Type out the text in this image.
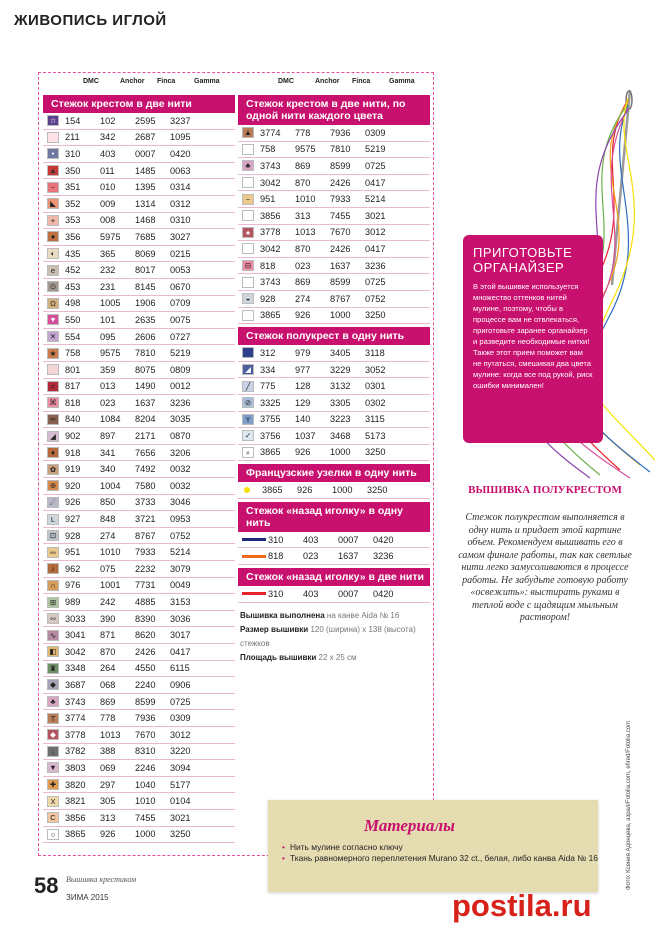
ЖИВОПИСЬ ИГЛОЙ
DMC	Anchor	Finca	Gamma
Стежок крестом в две нити
☆ 154	102	2595	3237
211	342	2687	1095
•	310	403	0007	0420
▲ 350	011	1485	0063
−	351	010	1395	0314
◣ 352	009	1314	0312
+	353	008	1468	0310
●	356	5975	7685	3027
◐	435	365	8069	0215
e	452	232	8017	0053
⊙ 453	231	8145	0670
Ω	498	1005	1906	0709
♥	550	101	2635	0075
✕ 554	095	2606	0727
★ 758	9575	7810	5219
801	359	8075	0809
=	817	013	1490	0012
⌘ 818	023	1637	3236
✂ 840	1084	8204	3035
◢ 902	897	2171	0870
♦	918	341	7656	3206
✿ 919	340	7492	0032
⊕ 920	1004	7580	0032
☄ 926	850	3733	3046
L	927	848	3721	0953
⊡ 928	274	8767	0752
∾ 951	1010	7933	5214
♪	962	075	2232	3079
∩	976	1001	7731	0049
⊞ 989	242	4885	3153
∾ 3033	390	8390	3036
∿ 3041	871	8620	3017
◧ 3042	870	2426	0417
♜ 3348	264	4550	6115
◆ 3687	068	2240	0906
♣	3743	869	8599	0725
T	3774	778	7936	0309
◆ 3778	1013	7670	3012
↓	3782	388	8310	3220
▼ 3803	069	2246	3094
✚ 3820	297	1040	5177
X	3821	305	1010	0104
C	3856	313	7455	3021
○	3865	926	1000	3250
DMC	Anchor	Finca	Gamma
Стежок крестом в две нити, по одной нити каждого цвета
▲ 3774	778	7936	0309
758	9575	7810	5219
♣	3743	869	8599	0725
3042	870	2426	0417
−	951	1010	7933	5214
3856	313	7455	3021
♠	3778	1013	7670	3012
3042	870	2426	0417
⊟ 818	023	1637	3236
3743	869	8599	0725
◒	928	274	8767	0752
3865	926	1000	3250
Стежок полукрест в одну нить
312	979	3405	3118
◢ 334	977	3229	3052
╱	775	128	3132	0301
⊘ 3325	129	3305	0302
Y	3755	140	3223	3115
✓ 3756	1037	3468	5173
⌕	3865	926	1000	3250
Французские узелки в одну нить
3865	926	1000	3250
Стежок «назад иголку» в одну нить
310	403	0007	0420
818	023	1637	3236
Стежок «назад иголку» в две нити
310	403	0007	0420
Вышивка выполнена на канве Aida № 16
Размер вышивки 120 (ширина) x 138 (высота) стежков
Площадь вышивки 22 x 25 см
ПРИГОТОВЬТЕ ОРГАНАЙЗЕР

В этой вышивке используется множество оттенков нитей мулине, поэтому, чтобы в процессе вам не отвлекаться, приготовьте заранее органайзер и разведите необходимые нитки! Также этот прием поможет вам не путаться, смешивая два цвета мулине: когда все под рукой, риск ошибки минимален!

ВЫШИВКА ПОЛУКРЕСТОМ
Стежок полукрестом выполняется в одну нить и придает этой картине объем. Рекомендуем вышивать его в самом финале работы, так как светлые нити легко замусоливаются в процессе работы. Не забудьте готовую работу «освежить»: выстирать руками в теплой воде с щадящим мыльным раствором!
Фото: Ксения Адонцева, азрал/Fotolia.com, efired/Fotolia.com
Материалы
• Нить мулине согласно ключу
• Ткань равномерного переплетения Murano 32 ct., белая, либо канва Aida № 16
58 Вышивка крестиком
ЗИМА 2015	postila.ru
